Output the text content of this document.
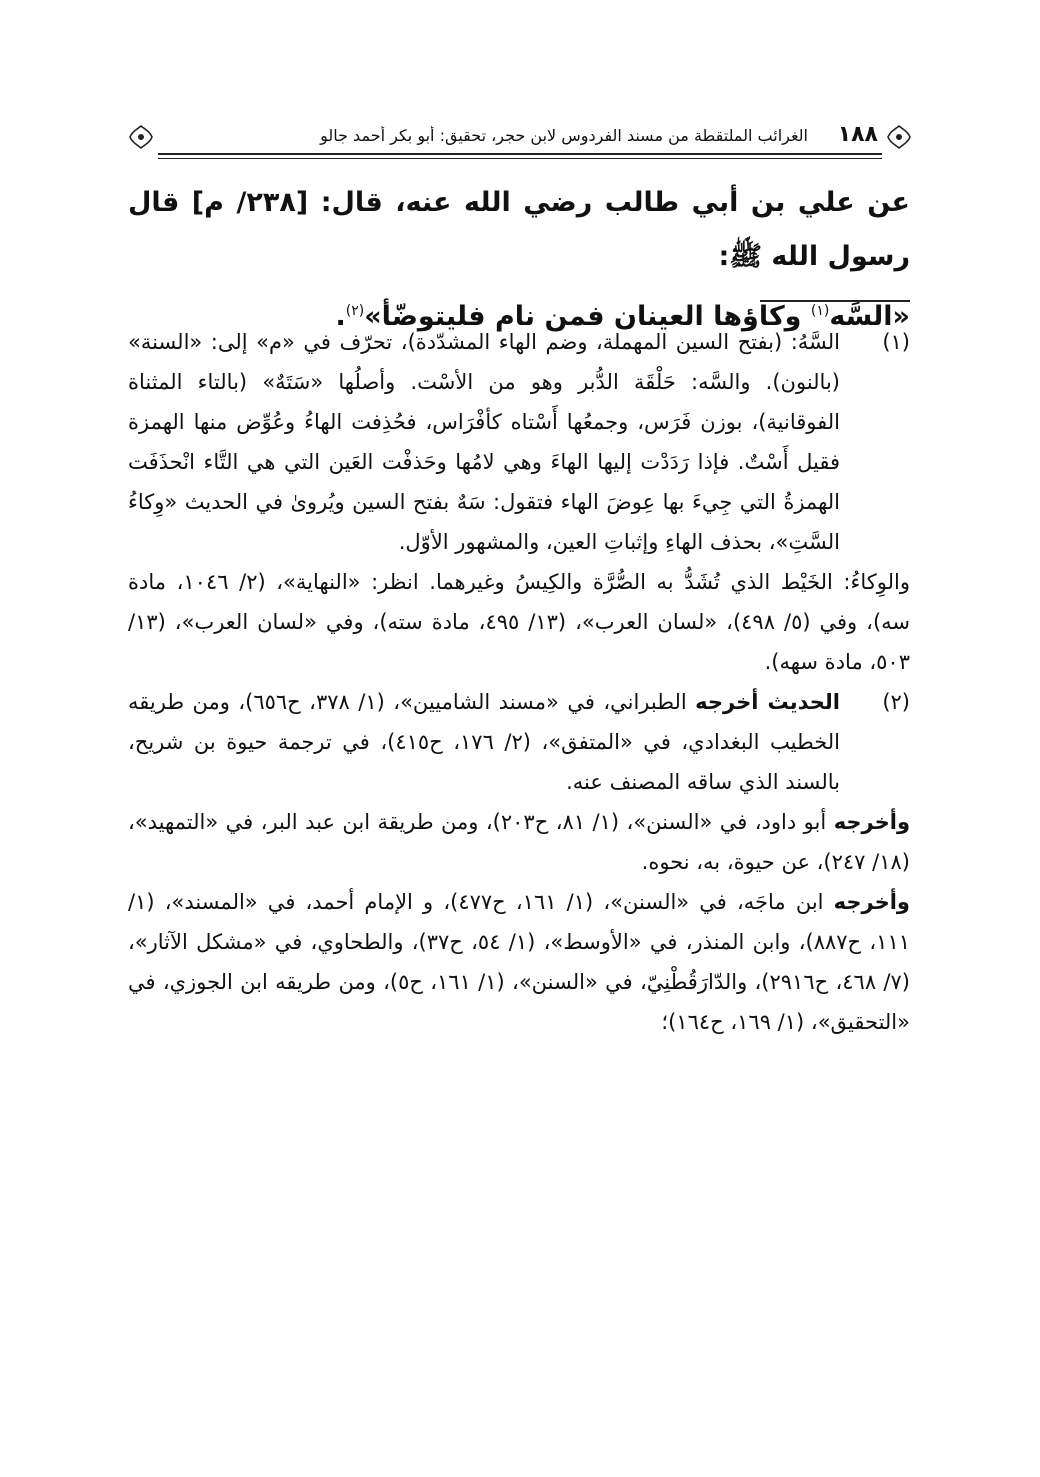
١٨٨
الغرائب الملتقطة من مسند الفردوس لابن حجر، تحقيق: أبو بكر أحمد جالو

عن علي بن أبي طالب رضي الله عنه، قال: [٢٣٨/ م] قال رسول الله ﷺ:

«السَّه$^{(١)}$ وكاؤها العينان فمن نام فليتوضّأ»$^{(٢)}$.

(١)

السَّهُ: (بفتح السين المهملة، وضم الهاء المشدّدة)، تحرّف في «م» إلى: «السنة» (بالنون). والسَّه: حَلْقَة الدُّبر وهو من الأسْت. وأصلُها «سَتَهٌ» (بالتاء المثناة الفوقانية)، بوزن فَرَس، وجمعُها أَسْتاه كأفْرَاس، فحُذِفت الهاءُ وعُوِّض منها الهمزة فقيل أَسْتٌ. فإذا رَدَدْت إليها الهاءَ وهي لامُها وحَذفْت العَين التي هي التَّاء انْحذَفَت الهمزةُ التي جِيءَ بها عِوضَ الهاء فتقول: سَهٌ بفتح السين ويُروىٰ في الحديث «وِكاءُ السَّتِ»، بحذف الهاءِ وإثباتِ العين، والمشهور الأوّل.

والوِكاءُ: الخَيْط الذي تُشَدُّ به الصُّرَّة والكِيسُ وغيرهما. انظر: «النهاية»، (٢/ ١٠٤٦، مادة سه)، وفي (٥/ ٤٩٨)، «لسان العرب»، (١٣/ ٤٩٥، مادة سته)، وفي «لسان العرب»، (١٣/ ٥٠٣، مادة سهه).

(٢)

الحديث أخرجه الطبراني، في «مسند الشاميين»، (١/ ٣٧٨، ح٦٥٦)، ومن طريقه الخطيب البغدادي، في «المتفق»، (٢/ ١٧٦، ح٤١٥)، في ترجمة حيوة بن شريح، بالسند الذي ساقه المصنف عنه.

وأخرجه أبو داود، في «السنن»، (١/ ٨١، ح٢٠٣)، ومن طريقة ابن عبد البر، في «التمهيد»، (١٨/ ٢٤٧)، عن حيوة، به، نحوه.

وأخرجه ابن ماجَه، في «السنن»، (١/ ١٦١، ح٤٧٧)، و الإمام أحمد، في «المسند»، (١/ ١١١، ح٨٨٧)، وابن المنذر، في «الأوسط»، (١/ ٥٤، ح٣٧)، والطحاوي، في «مشكل الآثار»، (٧/ ٤٦٨، ح٢٩١٦)، والدّارَقُطْنِيّ، في «السنن»، (١/ ١٦١، ح٥)، ومن طريقه ابن الجوزي، في «التحقيق»، (١/ ١٦٩، ح١٦٤)؛
